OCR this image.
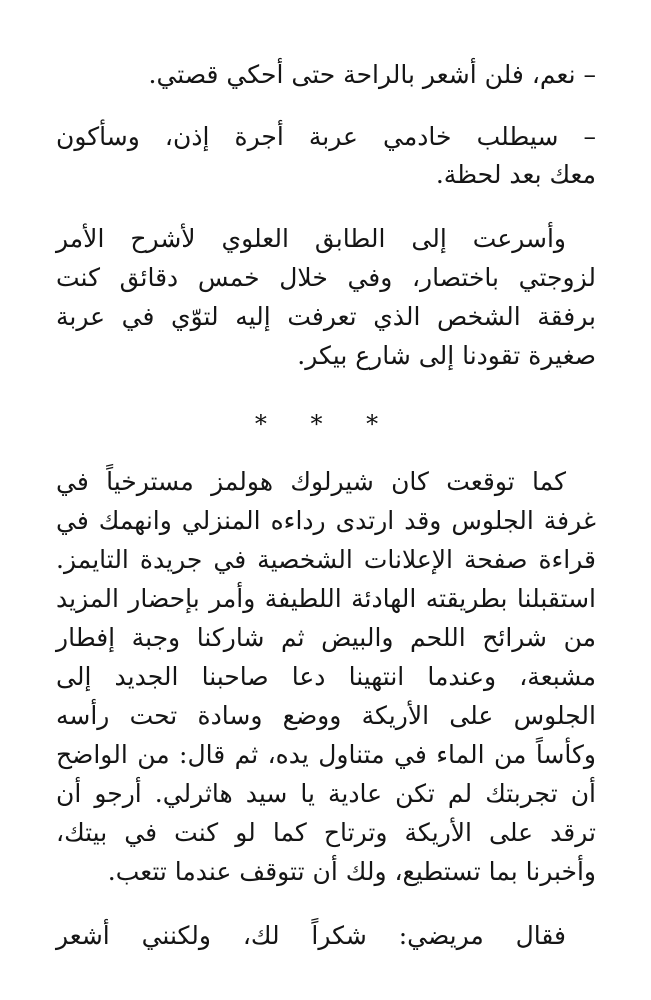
– نعم، فلن أشعر بالراحة حتى أحكي قصتي.
– سيطلب خادمي عربة أجرة إذن، وسأكون
معك بعد لحظة.
وأسرعت إلى الطابق العلوي لأشرح الأمر
لزوجتي باختصار، وفي خلال خمس دقائق كنت
برفقة الشخص الذي تعرفت إليه لتوّي في عربة
صغيرة تقودنا إلى شارع بيكر.
* * *
كما توقعت كان شيرلوك هولمز مسترخياً في
غرفة الجلوس وقد ارتدى رداءه المنزلي وانهمك في
قراءة صفحة الإعلانات الشخصية في جريدة التايمز.
استقبلنا بطريقته الهادئة اللطيفة وأمر بإحضار المزيد
من شرائح اللحم والبيض ثم شاركنا وجبة إفطار
مشبعة، وعندما انتهينا دعا صاحبنا الجديد إلى
الجلوس على الأريكة ووضع وسادة تحت رأسه
وكأساً من الماء في متناول يده، ثم قال: من الواضح
أن تجربتك لم تكن عادية يا سيد هاثرلي. أرجو أن
ترقد على الأريكة وترتاح كما لو كنت في بيتك،
وأخبرنا بما تستطيع، ولك أن تتوقف عندما تتعب.
فقال مريضي: شكراً لك، ولكنني أشعر
